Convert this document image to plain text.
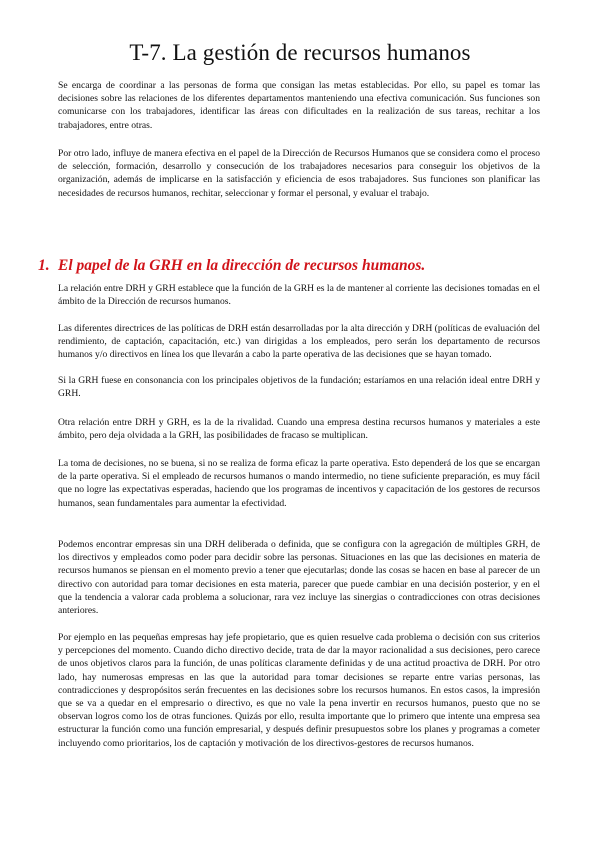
T-7. La gestión de recursos humanos

Se encarga de coordinar a las personas de forma que consigan las metas establecidas. Por ello, su papel es tomar las decisiones sobre las relaciones de los diferentes departamentos manteniendo una efectiva comunicación. Sus funciones son comunicarse con los trabajadores, identificar las áreas con dificultades en la realización de sus tareas, rechitar a los trabajadores, entre otras.

Por otro lado, influye de manera efectiva en el papel de la Dirección de Recursos Humanos que se considera como el proceso de selección, formación, desarrollo y consecución de los trabajadores necesarios para conseguir los objetivos de la organización, además de implicarse en la satisfacción y eficiencia de esos trabajadores. Sus funciones son planificar las necesidades de recursos humanos, rechitar, seleccionar y formar el personal, y evaluar el trabajo.

1. El papel de la GRH en la dirección de recursos humanos.

La relación entre DRH y GRH establece que la función de la GRH es la de mantener al corriente las decisiones tomadas en el ámbito de la Dirección de recursos humanos.

Las diferentes directrices de las políticas de DRH están desarrolladas por la alta dirección y DRH (políticas de evaluación del rendimiento, de captación, capacitación, etc.) van dirigidas a los empleados, pero serán los departamento de recursos humanos y/o directivos en línea los que llevarán a cabo la parte operativa de las decisiones que se hayan tomado.

Si la GRH fuese en consonancia con los principales objetivos de la fundación; estaríamos en una relación ideal entre DRH y GRH.

Otra relación entre DRH y GRH, es la de la rivalidad. Cuando una empresa destina recursos humanos y materiales a este ámbito, pero deja olvidada a la GRH, las posibilidades de fracaso se multiplican.

La toma de decisiones, no se buena, si no se realiza de forma eficaz la parte operativa. Esto dependerá de los que se encargan de la parte operativa. Si el empleado de recursos humanos o mando intermedio, no tiene suficiente preparación, es muy fácil que no logre las expectativas esperadas, haciendo que los programas de incentivos y capacitación de los gestores de recursos humanos, sean fundamentales para aumentar la efectividad.

Podemos encontrar empresas sin una DRH deliberada o definida, que se configura con la agregación de múltiples GRH, de los directivos y empleados como poder para decidir sobre las personas. Situaciones en las que las decisiones en materia de recursos humanos se piensan en el momento previo a tener que ejecutarlas; donde las cosas se hacen en base al parecer de un directivo con autoridad para tomar decisiones en esta materia, parecer que puede cambiar en una decisión posterior, y en el que la tendencia a valorar cada problema a solucionar, rara vez incluye las sinergias o contradicciones con otras decisiones anteriores.

Por ejemplo en las pequeñas empresas hay jefe propietario, que es quien resuelve cada problema o decisión con sus criterios y percepciones del momento. Cuando dicho directivo decide, trata de dar la mayor racionalidad a sus decisiones, pero carece de unos objetivos claros para la función, de unas políticas claramente definidas y de una actitud proactiva de DRH. Por otro lado, hay numerosas empresas en las que la autoridad para tomar decisiones se reparte entre varias personas, las contradicciones y despropósitos serán frecuentes en las decisiones sobre los recursos humanos. En estos casos, la impresión que se va a quedar en el empresario o directivo, es que no vale la pena invertir en recursos humanos, puesto que no se observan logros como los de otras funciones. Quizás por ello, resulta importante que lo primero que intente una empresa sea estructurar la función como una función empresarial, y después definir presupuestos sobre los planes y programas a cometer incluyendo como prioritarios, los de captación y motivación de los directivos-gestores de recursos humanos.
